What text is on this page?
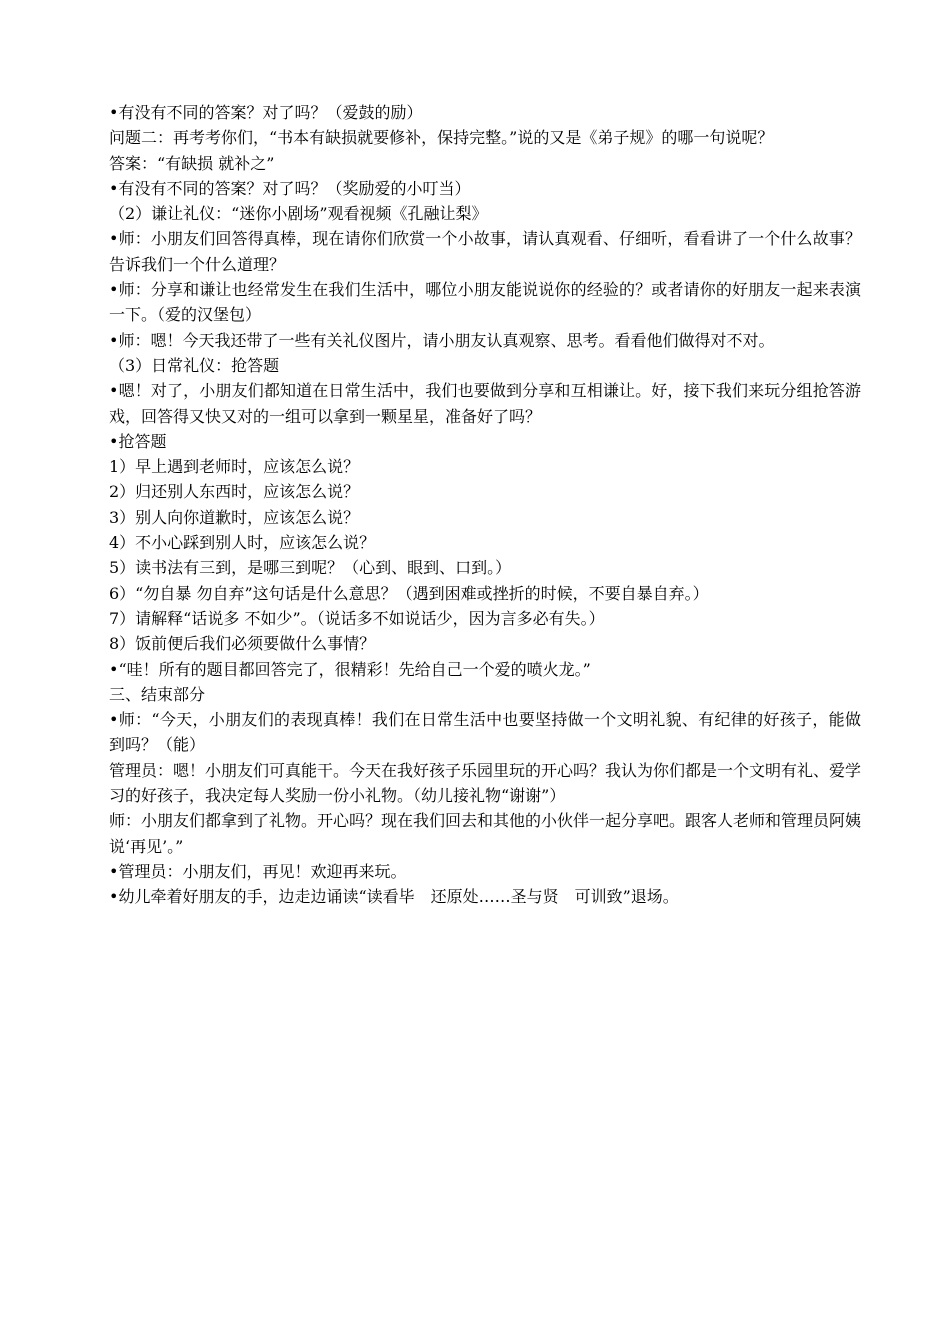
•有没有不同的答案？对了吗？（爱鼓的励）

问题二：再考考你们，“书本有缺损就要修补，保持完整。”说的又是《弟子规》的哪一句说呢？

答案：“有缺损 就补之”

•有没有不同的答案？对了吗？（奖励爱的小叮当）

（2）谦让礼仪：“迷你小剧场”观看视频《孔融让梨》

•师：小朋友们回答得真棒，现在请你们欣赏一个小故事，请认真观看、仔细听，看看讲了一个什么故事？告诉我们一个什么道理？

•师：分享和谦让也经常发生在我们生活中，哪位小朋友能说说你的经验的？或者请你的好朋友一起来表演一下。（爱的汉堡包）

•师：嗯！今天我还带了一些有关礼仪图片，请小朋友认真观察、思考。看看他们做得对不对。

（3）日常礼仪：抢答题

•嗯！对了，小朋友们都知道在日常生活中，我们也要做到分享和互相谦让。好，接下我们来玩分组抢答游戏，回答得又快又对的一组可以拿到一颗星星，准备好了吗？

•抢答题

1）早上遇到老师时，应该怎么说？

2）归还别人东西时，应该怎么说？

3）别人向你道歉时，应该怎么说？

4）不小心踩到别人时，应该怎么说？

5）读书法有三到，是哪三到呢？（心到、眼到、口到。）

6）“勿自暴 勿自弃”这句话是什么意思？（遇到困难或挫折的时候，不要自暴自弃。）

7）请解释“话说多 不如少”。（说话多不如说话少，因为言多必有失。）

8）饭前便后我们必须要做什么事情？

•“哇！所有的题目都回答完了，很精彩！先给自己一个爱的喷火龙。”

三、结束部分

•师：“今天，小朋友们的表现真棒！我们在日常生活中也要坚持做一个文明礼貌、有纪律的好孩子，能做到吗？（能）

管理员：嗯！小朋友们可真能干。今天在我好孩子乐园里玩的开心吗？我认为你们都是一个文明有礼、爱学习的好孩子，我决定每人奖励一份小礼物。（幼儿接礼物“谢谢”）

师：小朋友们都拿到了礼物。开心吗？现在我们回去和其他的小伙伴一起分享吧。跟客人老师和管理员阿姨说‘再见’。”

•管理员：小朋友们，再见！欢迎再来玩。

•幼儿牵着好朋友的手，边走边诵读“读看毕　还原处……圣与贤　可训致”退场。
